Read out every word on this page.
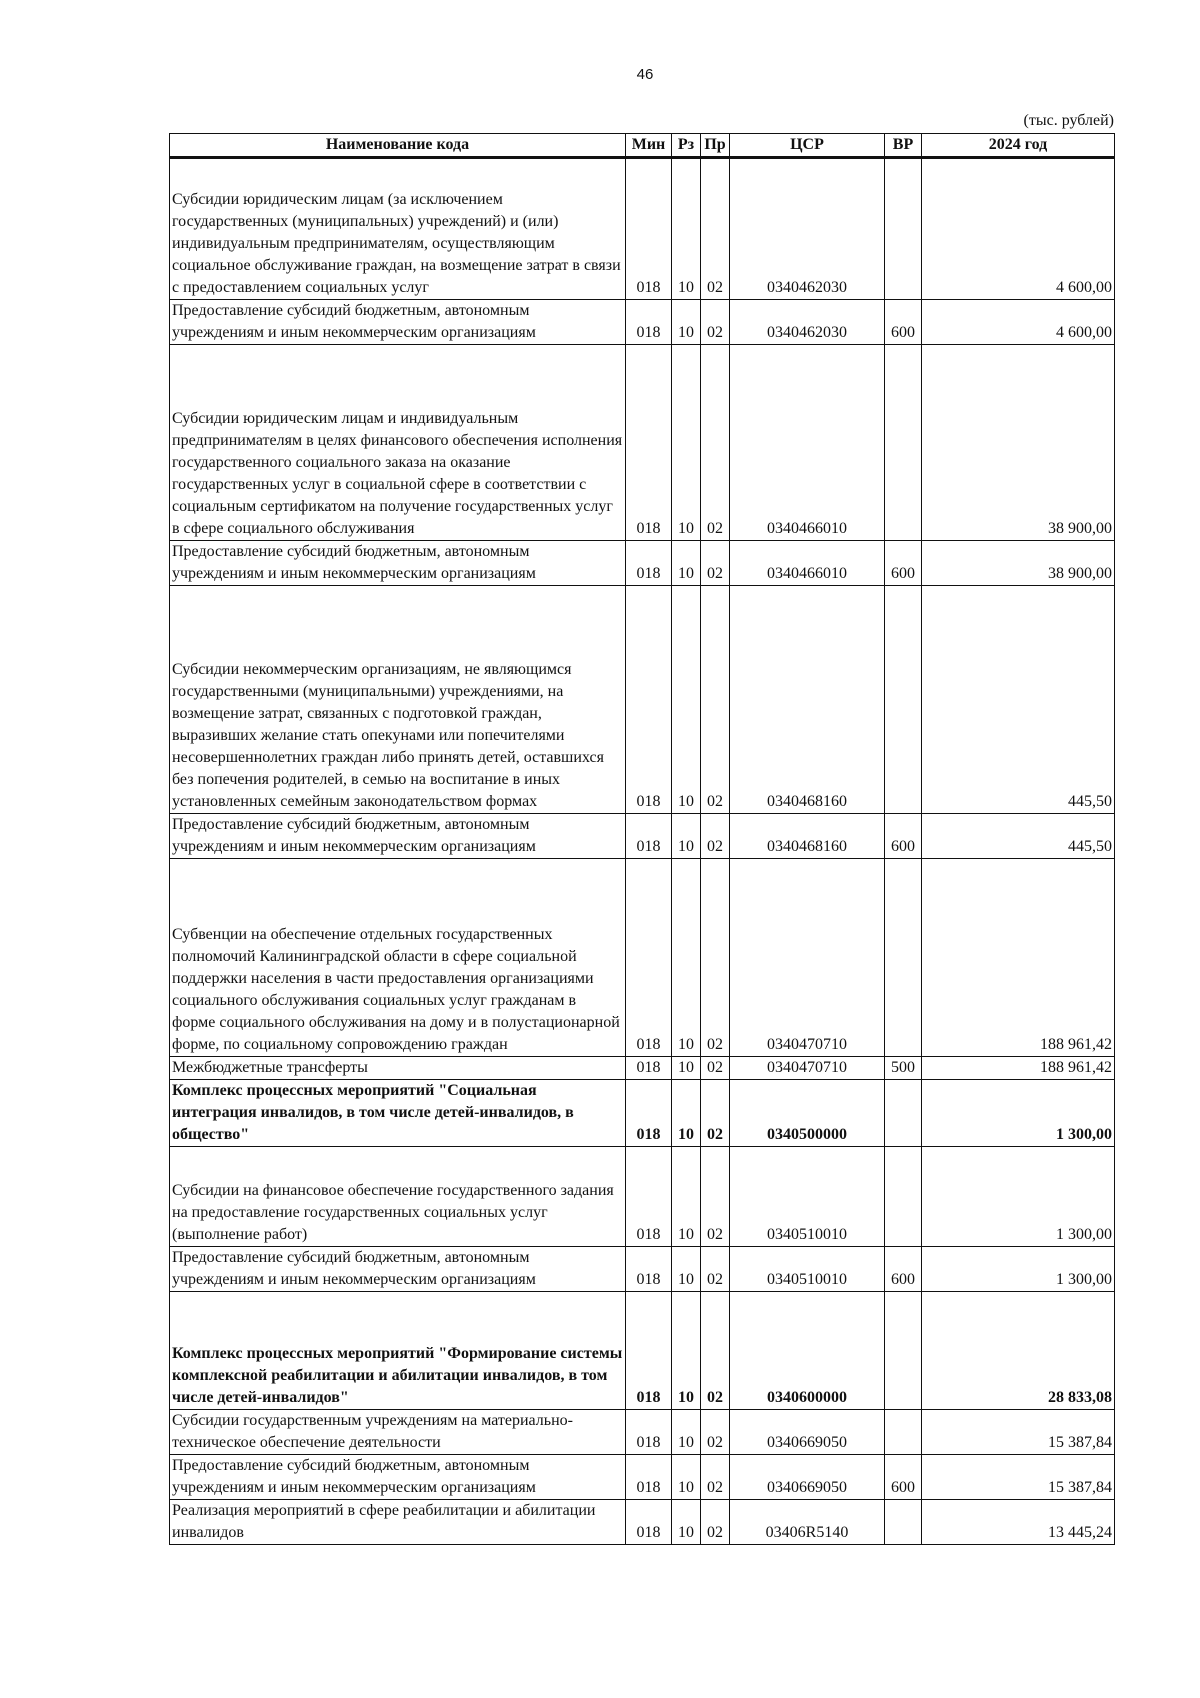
46
(тыс. рублей)
Наименование кода	Мин	Рз	Пр	ЦСР	ВР	2024 год
Субсидии юридическим лицам (за исключением государственных (муниципальных) учреждений) и (или) индивидуальным предпринимателям, осуществляющим социальное обслуживание граждан, на возмещение затрат в связи с предоставлением социальных услуг	018	10	02	0340462030		4 600,00
Предоставление субсидий бюджетным, автономным учреждениям и иным некоммерческим организациям	018	10	02	0340462030	600	4 600,00
Субсидии юридическим лицам и индивидуальным предпринимателям в целях финансового обеспечения исполнения государственного социального заказа на оказание государственных услуг в социальной сфере в соответствии с социальным сертификатом на получение государственных услуг в сфере социального обслуживания	018	10	02	0340466010		38 900,00
Предоставление субсидий бюджетным, автономным учреждениям и иным некоммерческим организациям	018	10	02	0340466010	600	38 900,00
Субсидии некоммерческим организациям, не являющимся государственными (муниципальными) учреждениями, на возмещение затрат, связанных с подготовкой граждан, выразивших желание стать опекунами или попечителями несовершеннолетних граждан либо принять детей, оставшихся без попечения родителей, в семью на воспитание в иных установленных семейным законодательством формах	018	10	02	0340468160		445,50
Предоставление субсидий бюджетным, автономным учреждениям и иным некоммерческим организациям	018	10	02	0340468160	600	445,50
Субвенции на обеспечение отдельных государственных полномочий Калининградской области в сфере социальной поддержки населения в части предоставления организациями социального обслуживания социальных услуг гражданам в форме социального обслуживания на дому и в полустационарной форме, по социальному сопровождению граждан	018	10	02	0340470710		188 961,42
Межбюджетные трансферты	018	10	02	0340470710	500	188 961,42
Комплекс процессных мероприятий "Социальная интеграция инвалидов, в том числе детей-инвалидов, в общество"	018	10	02	0340500000		1 300,00
Субсидии на финансовое обеспечение государственного задания на предоставление государственных социальных услуг (выполнение работ)	018	10	02	0340510010		1 300,00
Предоставление субсидий бюджетным, автономным учреждениям и иным некоммерческим организациям	018	10	02	0340510010	600	1 300,00
Комплекс процессных мероприятий "Формирование системы комплексной реабилитации и абилитации инвалидов, в том числе детей-инвалидов"	018	10	02	0340600000		28 833,08
Субсидии государственным учреждениям на материально-техническое обеспечение деятельности	018	10	02	0340669050		15 387,84
Предоставление субсидий бюджетным, автономным учреждениям и иным некоммерческим организациям	018	10	02	0340669050	600	15 387,84
Реализация мероприятий в сфере реабилитации и абилитации инвалидов	018	10	02	03406R5140		13 445,24
